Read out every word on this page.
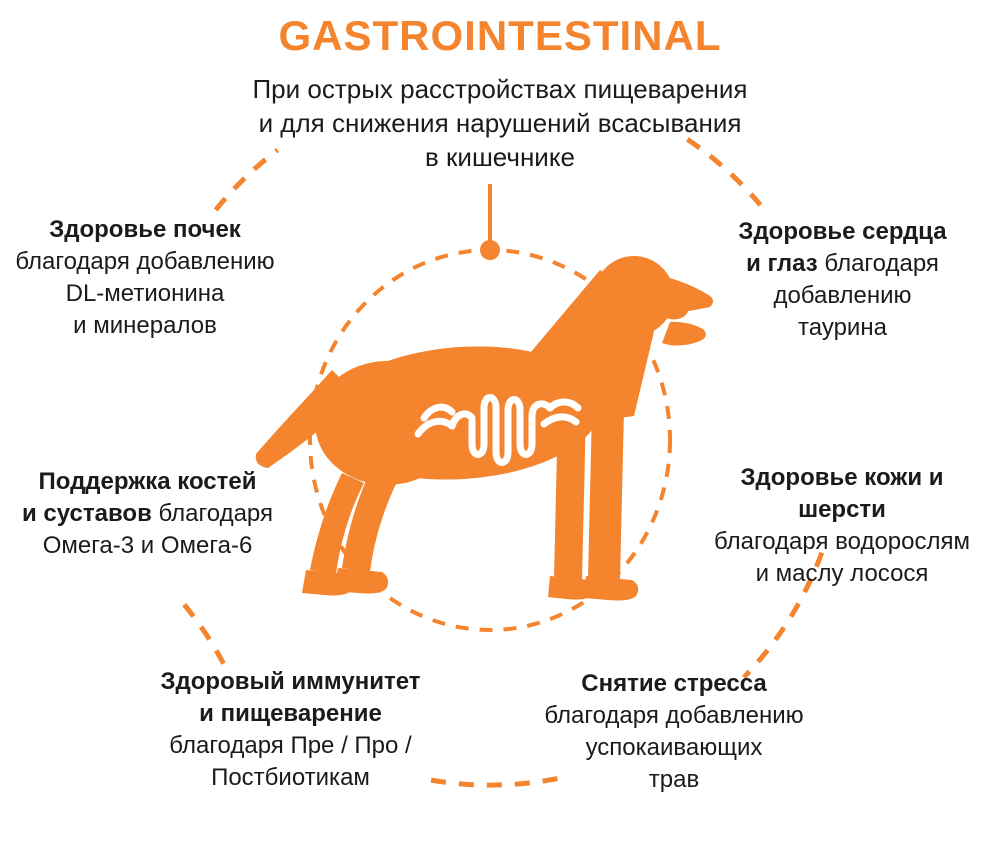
GASTROINTESTINAL
При острых расстройствах пищеварения
и для снижения нарушений всасывания
в кишечнике
Здоровье почек
благодаря добавлению
DL-метионина
и минералов
Здоровье сердца
и глаз благодаря
добавлению
таурина
Поддержка костей
и суставов благодаря
Омега-3 и Омега-6
Здоровье кожи и шерсти
благодаря водорослям
и маслу лосося
Здоровый иммунитет
и пищеварение
благодаря Пре / Про /
Постбиотикам
Снятие стресса
благодаря добавлению
успокаивающих
трав
